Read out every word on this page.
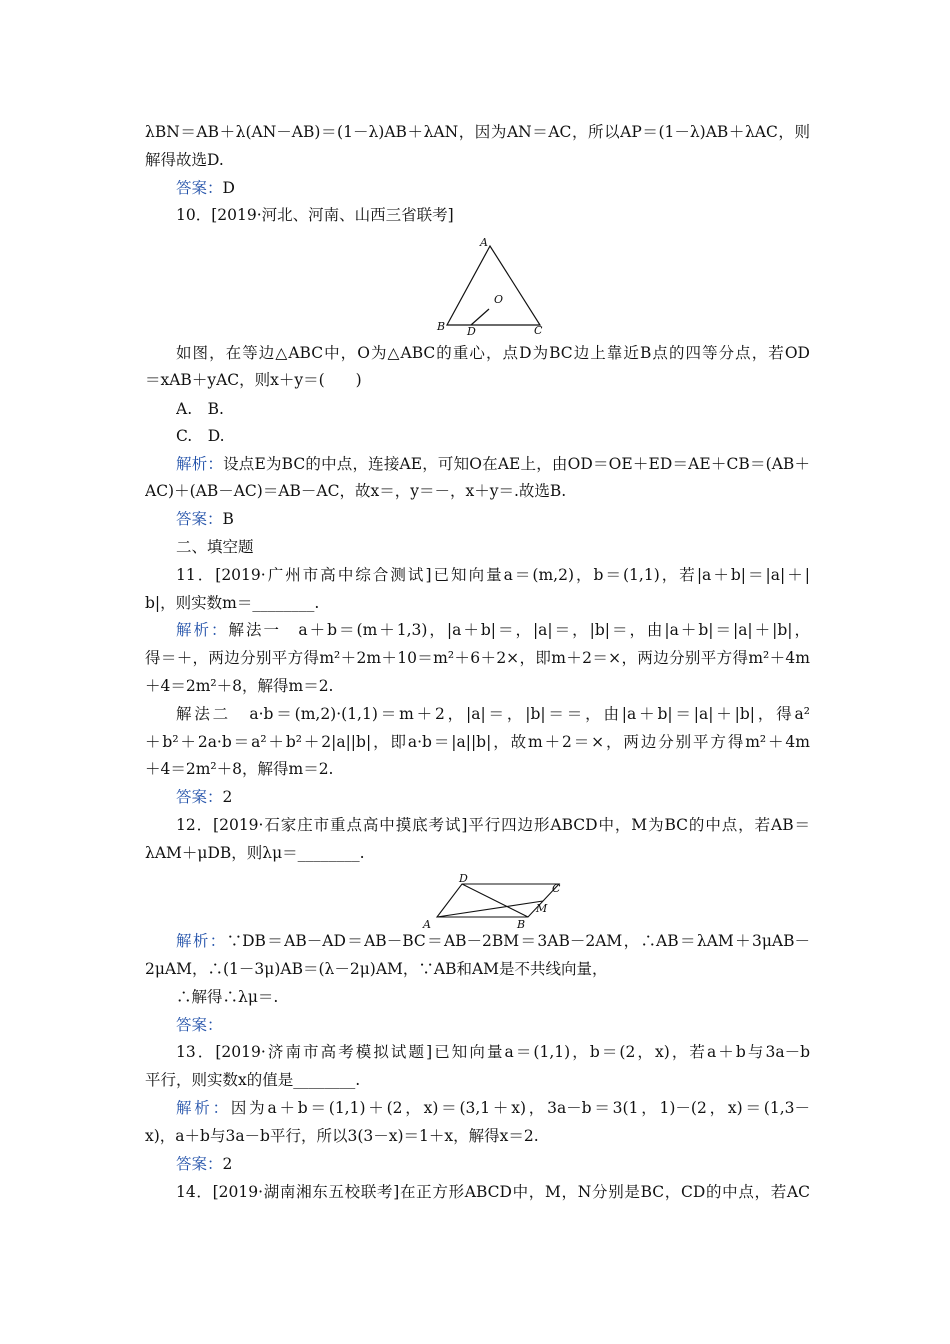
λBN＝AB＋λ(AN－AB)＝(1－λ)AB＋λAN，因为AN＝AC，所以AP＝(1－λ)AB＋λAC，则
解得故选D.
答案：D
10．[2019·河北、河南、山西三省联考]
A
B	C
O
D
如图，在等边△ABC中，O为△ABC的重心，点D为BC边上靠近B点的四等分点，若OD
＝xAB＋yAC，则x＋y＝(　　)
A.　B.
C.　D.
解析：设点E为BC的中点，连接AE，可知O在AE上，由OD＝OE＋ED＝AE＋CB＝(AB＋
AC)＋(AB－AC)＝AB－AC，故x＝，y＝－，x＋y＝.故选B.
答案：B
二、填空题
11．[2019·广州市高中综合测试]已知向量a＝(m,2)，b＝(1,1)，若|a＋b|＝|a|＋|
b|，则实数m＝________.
解析：解法一　a＋b＝(m＋1,3)，|a＋b|＝，|a|＝，|b|＝，由|a＋b|＝|a|＋|b|，
得＝＋，两边分别平方得m²＋2m＋10＝m²＋6＋2×，即m＋2＝×，两边分别平方得m²＋4m
＋4＝2m²＋8，解得m＝2.
解法二　a·b＝(m,2)·(1,1)＝m＋2，|a|＝，|b|＝＝，由|a＋b|＝|a|＋|b|，得a²
＋b²＋2a·b＝a²＋b²＋2|a||b|，即a·b＝|a||b|，故m＋2＝×，两边分别平方得m²＋4m
＋4＝2m²＋8，解得m＝2.
答案：2
12．[2019·石家庄市重点高中摸底考试]平行四边形ABCD中，M为BC的中点，若AB＝
λAM＋μDB，则λμ＝________.
A
D
C
B
M
解析：∵DB＝AB－AD＝AB－BC＝AB－2BM＝3AB－2AM，∴AB＝λAM＋3μAB－
2μAM，∴(1－3μ)AB＝(λ－2μ)AM，∵AB和AM是不共线向量，
∴解得∴λμ＝.
答案：
13．[2019·济南市高考模拟试题]已知向量a＝(1,1)，b＝(2，x)，若a＋b与3a－b
平行，则实数x的值是________.
解析：因为a＋b＝(1,1)＋(2，x)＝(3,1＋x)，3a－b＝3(1，1)－(2，x)＝(1,3－
x)，a＋b与3a－b平行，所以3(3－x)＝1＋x，解得x＝2.
答案：2
14．[2019·湖南湘东五校联考]在正方形ABCD中，M，N分别是BC，CD的中点，若AC
